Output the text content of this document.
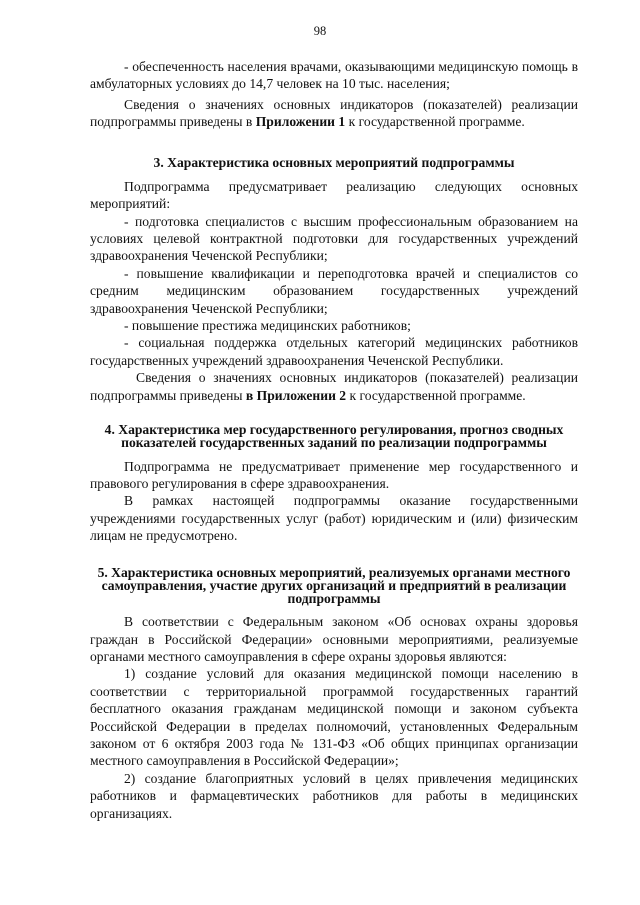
98

- обеспеченность населения врачами, оказывающими медицинскую помощь в амбулаторных условиях до 14,7 человек на 10 тыс. населения;

Сведения о значениях основных индикаторов (показателей) реализации подпрограммы приведены в Приложении 1 к государственной программе.

3. Характеристика основных мероприятий подпрограммы

Подпрограмма предусматривает реализацию следующих основных мероприятий:

- подготовка специалистов с высшим профессиональным образованием на условиях целевой контрактной подготовки для государственных учреждений здравоохранения Чеченской Республики;

- повышение квалификации и переподготовка врачей и специалистов со средним медицинским образованием государственных учреждений здравоохранения Чеченской Республики;

- повышение престижа медицинских работников;

- социальная поддержка отдельных категорий медицинских работников государственных учреждений здравоохранения Чеченской Республики.

Сведения о значениях основных индикаторов (показателей) реализации подпрограммы приведены в Приложении 2 к государственной программе.

4. Характеристика мер государственного регулирования, прогноз сводных показателей государственных заданий по реализации подпрограммы

Подпрограмма не предусматривает применение мер государственного и правового регулирования в сфере здравоохранения.

В рамках настоящей подпрограммы оказание государственными учреждениями государственных услуг (работ) юридическим и (или) физическим лицам не предусмотрено.

5. Характеристика основных мероприятий, реализуемых органами местного самоуправления, участие других организаций и предприятий в реализации подпрограммы

В соответствии с Федеральным законом «Об основах охраны здоровья граждан в Российской Федерации» основными мероприятиями, реализуемые органами местного самоуправления в сфере охраны здоровья являются:

1) создание условий для оказания медицинской помощи населению в соответствии с территориальной программой государственных гарантий бесплатного оказания гражданам медицинской помощи и законом субъекта Российской Федерации в пределах полномочий, установленных Федеральным законом от 6 октября 2003 года № 131-ФЗ «Об общих принципах организации местного самоуправления в Российской Федерации»;

2) создание благоприятных условий в целях привлечения медицинских работников и фармацевтических работников для работы в медицинских организациях.
